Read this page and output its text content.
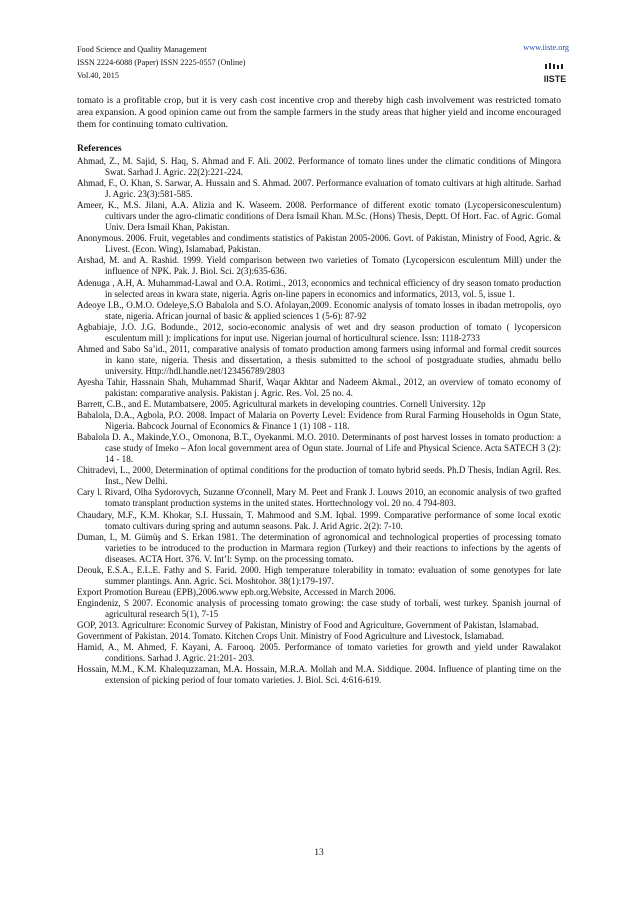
Food Science and Quality Management
ISSN 2224-6088 (Paper) ISSN 2225-0557 (Online)
Vol.40, 2015
www.iiste.org
IISTE

tomato is a profitable crop, but it is very cash cost incentive crop and thereby high cash involvement was restricted tomato area expansion. A good opinion came out from the sample farmers in the study areas that higher yield and income encouraged them for continuing tomato cultivation.

References
Ahmad, Z., M. Sajid, S. Haq, S. Ahmad and F. Ali. 2002. Performance of tomato lines under the climatic conditions of Mingora Swat. Sarhad J. Agric. 22(2):221-224.
Ahmad, F., O. Khan, S. Sarwar, A. Hussain and S. Ahmad. 2007. Performance evaluation of tomato cultivars at high altitude. Sarhad J. Agric. 23(3):581-585.
Ameer, K., M.S. Jilani, A.A. Alizia and K. Waseem. 2008. Performance of different exotic tomato (Lycopersiconesculentum) cultivars under the agro-climatic conditions of Dera Ismail Khan. M.Sc. (Hons) Thesis, Deptt. Of Hort. Fac. of Agric. Gomal Univ. Dera Ismail Khan, Pakistan.
Anonymous. 2006. Fruit, vegetables and condiments statistics of Pakistan 2005-2006. Govt. of Pakistan, Ministry of Food, Agric. & Livest. (Econ. Wing), Islamabad, Pakistan.
Arshad, M. and A. Rashid. 1999. Yield comparison between two varieties of Tomato (Lycopersicon esculentum Mill) under the influence of NPK. Pak. J. Biol. Sci. 2(3):635-636.
Adenuga , A.H, A. Muhammad-Lawal and O.A. Rotimi., 2013, economics and technical efficiency of dry season tomato production in selected areas in kwara state, nigeria. Agris on-line papers in economics and informatics, 2013, vol. 5, issue 1.
Adeoye I.B., O.M.O. Odeleye,S.O Babalola and S.O. Afolayan,2009. Economic analysis of tomato losses in ibadan metropolis, oyo state, nigeria. African journal of basic & applied sciences 1 (5-6): 87-92
Agbabiaje, J.O. J.G. Bodunde., 2012, socio-economic analysis of wet and dry season production of tomato ( lycopersicon esculentum mill ): implications for input use. Nigerian journal of horticultural science. Issn: 1118-2733
Ahmed and Sabo Sa’id., 2011, comparative analysis of tomato production among farmers using informal and formal credit sources in kano state, nigeria. Thesis and dissertation, a thesis submitted to the school of postgraduate studies, ahmadu bello university. Http://hdl.handle.net/123456789/2803
Ayesha Tahir, Hassnain Shah, Muhammad Sharif, Waqar Akhtar and Nadeem Akmal., 2012, an overview of tomato economy of pakistan: comparative analysis. Pakistan j. Agric. Res. Vol. 25 no. 4.
Barrett, C.B., and E. Mutambatsere, 2005. Agricultural markets in developing countries. Cornell University. 12p
Babalola, D.A., Agbola, P.O. 2008. Impact of Malaria on Poverty Level: Evidence from Rural Farming Households in Ogun State, Nigeria. Babcock Journal of Economics & Finance 1 (1) 108 - 118.
Babalola D. A., Makinde,Y.O., Omonona, B.T., Oyekanmi. M.O. 2010. Determinants of post harvest losses in tomato production: a case study of Imeko – Afon local government area of Ogun state. Journal of Life and Physical Science. Acta SATECH 3 (2): 14 - 18.
Chitradevi, L., 2000, Determination of optimal conditions for the production of tomato hybrid seeds. Ph.D Thesis, Indian Agril. Res. Inst., New Delhi.
Cary l. Rivard, Olha Sydorovych, Suzanne O'connell, Mary M. Peet and Frank J. Louws 2010, an economic analysis of two grafted tomato transplant production systems in the united states. Horttechnology vol. 20 no. 4 794-803.
Chaudary, M.F., K.M. Khokar, S.I. Hussain, T. Mahmood and S.M. Iqbal. 1999. Comparative performance of some local exotic tomato cultivars during spring and autumn seasons. Pak. J. Arid Agric. 2(2): 7-10.
Duman, I., M. Gümüş and S. Erkan 1981. The determination of agronomical and technological properties of processing tomato varieties to be introduced to the production in Marmara region (Turkey) and their reactions to infections by the agents of diseases. ACTA Hort. 376. V. Int’l: Symp. on the processing tomato.
Deouk, E.S.A., E.L.E. Fathy and S. Farid. 2000. High temperature tolerability in tomato: evaluation of some genotypes for late summer plantings. Ann. Agric. Sci. Moshtohor. 38(1):179-197.
Export Promotion Bureau (EPB),2006.www epb.org.Website, Accessed in March 2006.
Engindeniz, S 2007. Economic analysis of processing tomato growing: the case study of torbali, west turkey. Spanish journal of agricultural research 5(1), 7-15
GOP, 2013. Agriculture: Economic Survey of Pakistan, Ministry of Food and Agriculture, Government of Pakistan, Islamabad.
Government of Pakistan. 2014. Tomato. Kitchen Crops Unit. Ministry of Food Agriculture and Livestock, Islamabad.
Hamid, A., M. Ahmed, F. Kayani, A. Farooq. 2005. Performance of tomato varieties for growth and yield under Rawalakot conditions. Sarhad J. Agric. 21:201- 203.
Hossain, M.M., K.M. Khalequzzaman, M.A. Hossain, M.R.A. Mollah and M.A. Siddique. 2004. Influence of planting time on the extension of picking period of four tomato varieties. J. Biol. Sci. 4:616-619.
13
